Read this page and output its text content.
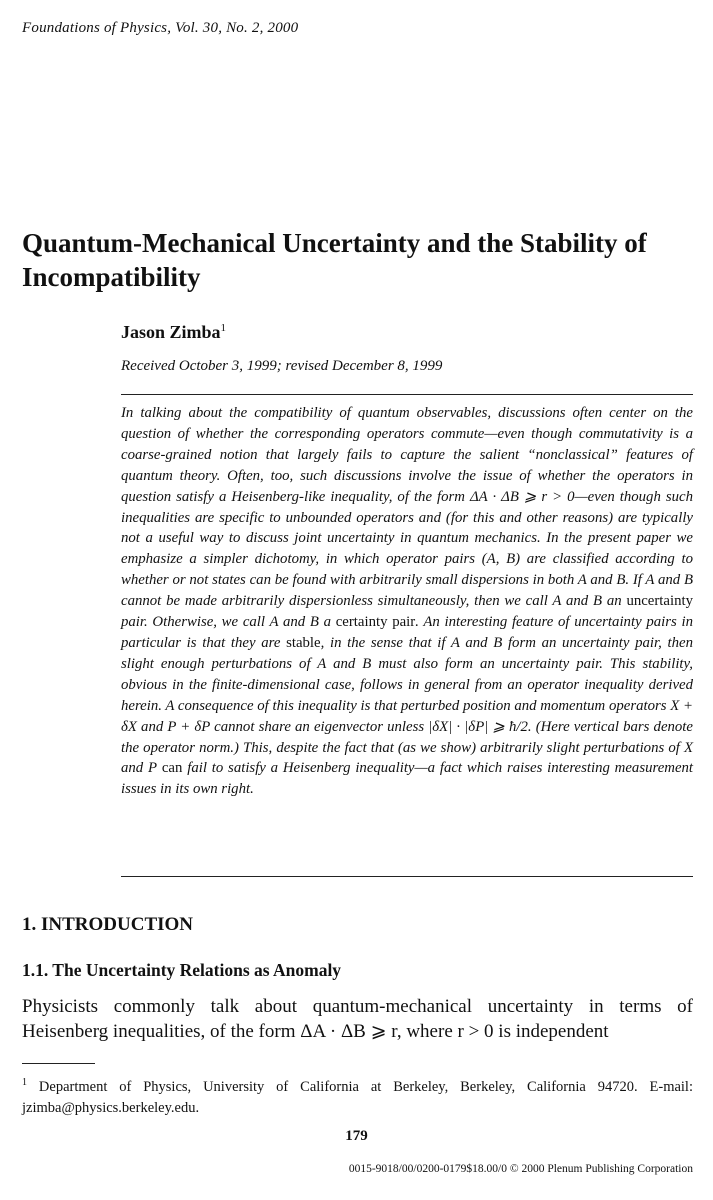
Foundations of Physics, Vol. 30, No. 2, 2000
Quantum-Mechanical Uncertainty and the Stability of Incompatibility
Jason Zimba$^1$
Received October 3, 1999; revised December 8, 1999

In talking about the compatibility of quantum observables, discussions often center on the question of whether the corresponding operators commute—even though commutativity is a coarse-grained notion that largely fails to capture the salient “nonclassical” features of quantum theory. Often, too, such discussions involve the issue of whether the operators in question satisfy a Heisenberg-like inequality, of the form ΔA · ΔB ⩾ r > 0—even though such inequalities are specific to unbounded operators and (for this and other reasons) are typically not a useful way to discuss joint uncertainty in quantum mechanics. In the present paper we emphasize a simpler dichotomy, in which operator pairs (A, B) are classified according to whether or not states can be found with arbitrarily small dispersions in both A and B. If A and B cannot be made arbitrarily dispersionless simultaneously, then we call A and B an uncertainty pair. Otherwise, we call A and B a certainty pair. An interesting feature of uncertainty pairs in particular is that they are stable, in the sense that if A and B form an uncertainty pair, then slight enough perturbations of A and B must also form an uncertainty pair. This stability, obvious in the finite-dimensional case, follows in general from an operator inequality derived herein. A consequence of this inequality is that perturbed position and momentum operators X + δX and P + δP cannot share an eigenvector unless |δX| · |δP| ⩾ ħ/2. (Here vertical bars denote the operator norm.) This, despite the fact that (as we show) arbitrarily slight perturbations of X and P can fail to satisfy a Heisenberg inequality—a fact which raises interesting measurement issues in its own right.

1. INTRODUCTION
1.1. The Uncertainty Relations as Anomaly

Physicists commonly talk about quantum-mechanical uncertainty in terms of Heisenberg inequalities, of the form ΔA · ΔB ⩾ r, where r > 0 is independent

$^1$ Department of Physics, University of California at Berkeley, Berkeley, California 94720. E-mail: jzimba@physics.berkeley.edu.

179
0015-9018/00/0200-0179$18.00/0 © 2000 Plenum Publishing Corporation
